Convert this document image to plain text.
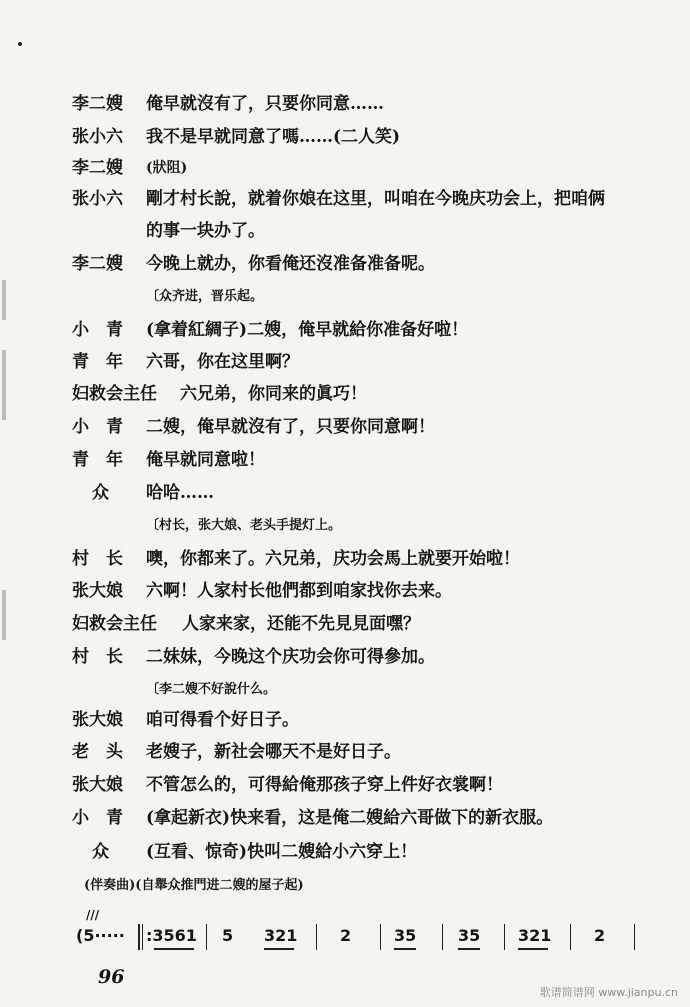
李二嫂 俺早就沒有了，只要你同意……
张小六 我不是早就同意了嗎……(二人笑)
李二嫂 (狀阻)
张小六 剛才村长說，就着你娘在这里，叫咱在今晚庆功会上，把咱俩
的事一块办了。
李二嫂 今晚上就办，你看俺还沒准备准备呢。
〔众齐进，晋乐起。
小　青 (拿着紅綢子)二嫂，俺早就給你准备好啦！
青　年 六哥，你在这里啊？
妇救会主任 六兄弟，你同来的眞巧！
小　青 二嫂，俺早就沒有了，只要你同意啊！
青　年 俺早就同意啦！
众 哈哈……
〔村长，张大娘、老头手提灯上。
村　长 噢，你都来了。六兄弟，庆功会馬上就要开始啦！
张大娘 六啊！人家村长他們都到咱家找你去来。
妇救会主任 人家来家，还能不先見見面嘿？
村　长 二妹妹，今晚这个庆功会你可得參加。
〔李二嫂不好說什么。
张大娘 咱可得看个好日子。
老　头 老嫂子，新社会哪天不是好日子。
张大娘 不管怎么的，可得給俺那孩子穿上件好衣裳啊！
小　青 (拿起新衣)快来看，这是俺二嫂給六哥做下的新衣服。
众 (互看、惊奇)快叫二嫂給小六穿上！
(伴奏曲)(自舉众推門进二嫂的屋子起)
///
(5····· :3561 5 321	2	35	35 321	2
96
歌谱简谱网 www.jianpu.cn
